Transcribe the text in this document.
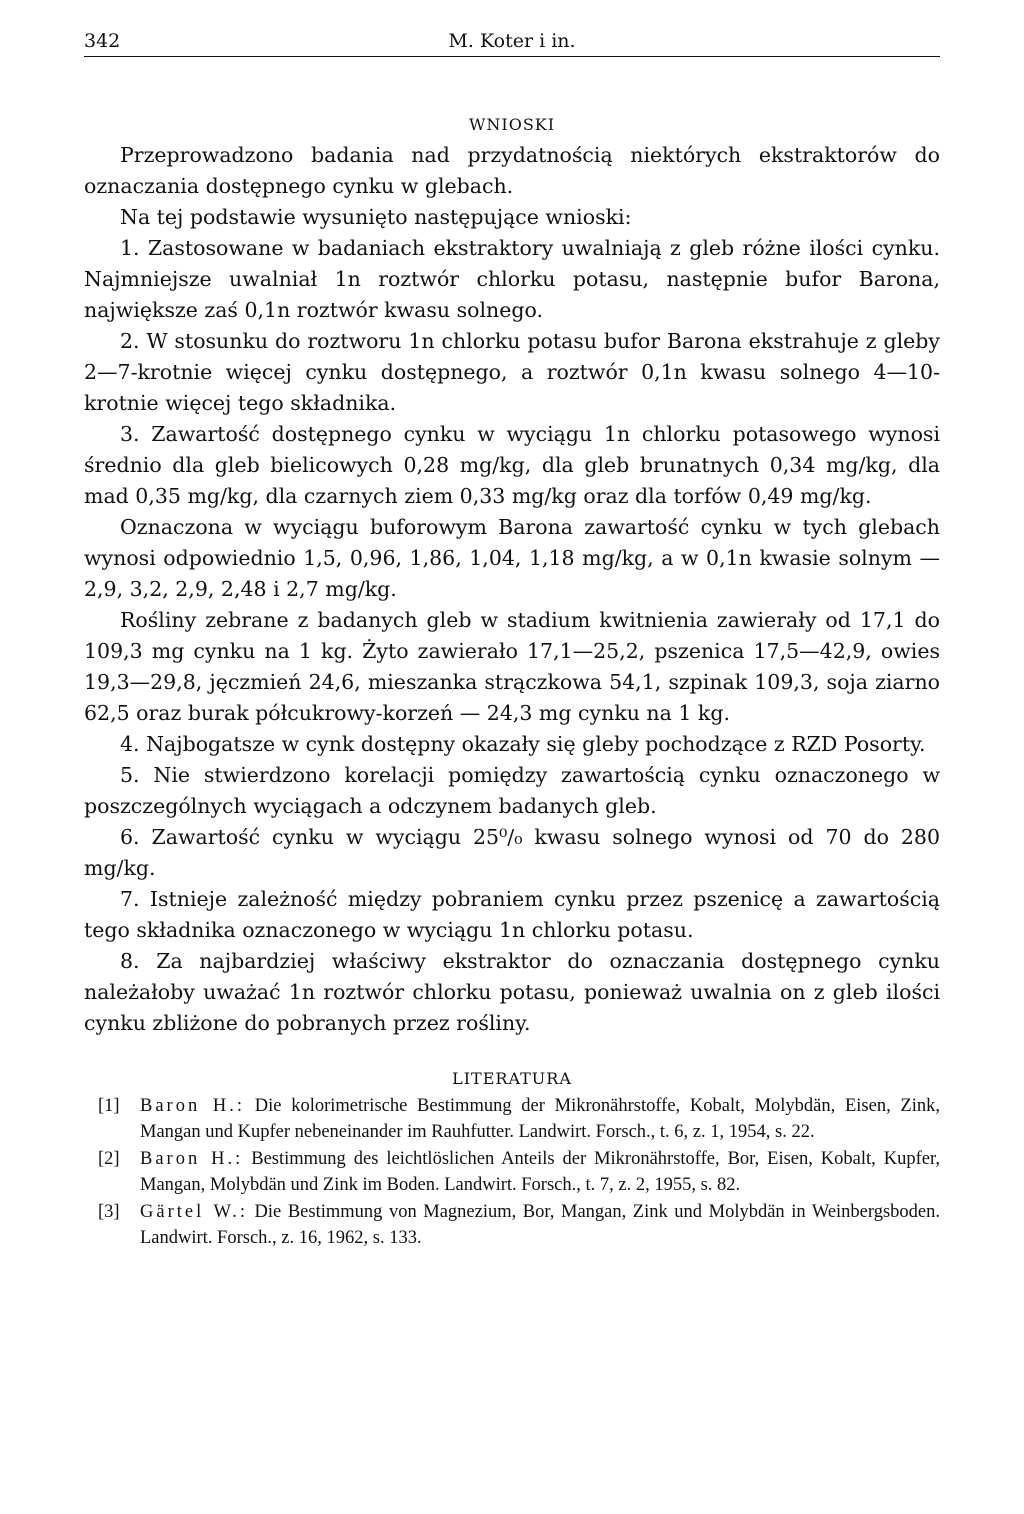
342	M. Koter i in.
WNIOSKI

Przeprowadzono badania nad przydatnością niektórych ekstraktorów do oznaczania dostępnego cynku w glebach.

Na tej podstawie wysunięto następujące wnioski:

1. Zastosowane w badaniach ekstraktory uwalniają z gleb różne ilości cynku. Najmniejsze uwalniał 1n roztwór chlorku potasu, następnie bufor Barona, największe zaś 0,1n roztwór kwasu solnego.

2. W stosunku do roztworu 1n chlorku potasu bufor Barona ekstrahuje z gleby 2—7-krotnie więcej cynku dostępnego, a roztwór 0,1n kwasu solnego 4—10-krotnie więcej tego składnika.

3. Zawartość dostępnego cynku w wyciągu 1n chlorku potasowego wynosi średnio dla gleb bielicowych 0,28 mg/kg, dla gleb brunatnych 0,34 mg/kg, dla mad 0,35 mg/kg, dla czarnych ziem 0,33 mg/kg oraz dla torfów 0,49 mg/kg.

Oznaczona w wyciągu buforowym Barona zawartość cynku w tych glebach wynosi odpowiednio 1,5, 0,96, 1,86, 1,04, 1,18 mg/kg, a w 0,1n kwasie solnym — 2,9, 3,2, 2,9, 2,48 i 2,7 mg/kg.

Rośliny zebrane z badanych gleb w stadium kwitnienia zawierały od 17,1 do 109,3 mg cynku na 1 kg. Żyto zawierało 17,1—25,2, pszenica 17,5—42,9, owies 19,3—29,8, jęczmień 24,6, mieszanka strączkowa 54,1, szpinak 109,3, soja ziarno 62,5 oraz burak półcukrowy-korzeń — 24,3 mg cynku na 1 kg.

4. Najbogatsze w cynk dostępny okazały się gleby pochodzące z RZD Posorty.

5. Nie stwierdzono korelacji pomiędzy zawartością cynku oznaczonego w poszczególnych wyciągach a odczynem badanych gleb.

6. Zawartość cynku w wyciągu 25⁰/₀ kwasu solnego wynosi od 70 do 280 mg/kg.

7. Istnieje zależność między pobraniem cynku przez pszenicę a zawartością tego składnika oznaczonego w wyciągu 1n chlorku potasu.

8. Za najbardziej właściwy ekstraktor do oznaczania dostępnego cynku należałoby uważać 1n roztwór chlorku potasu, ponieważ uwalnia on z gleb ilości cynku zbliżone do pobranych przez rośliny.

LITERATURA
[1] Baron H.: Die kolorimetrische Bestimmung der Mikronährstoffe, Kobalt, Molybdän, Eisen, Zink, Mangan und Kupfer nebeneinander im Rauhfutter. Landwirt. Forsch., t. 6, z. 1, 1954, s. 22.
[2] Baron H.: Bestimmung des leichtlöslichen Anteils der Mikronährstoffe, Bor, Eisen, Kobalt, Kupfer, Mangan, Molybdän und Zink im Boden. Landwirt. Forsch., t. 7, z. 2, 1955, s. 82.
[3] Gärtel W.: Die Bestimmung von Magnezium, Bor, Mangan, Zink und Molybdän in Weinbergsboden. Landwirt. Forsch., z. 16, 1962, s. 133.
